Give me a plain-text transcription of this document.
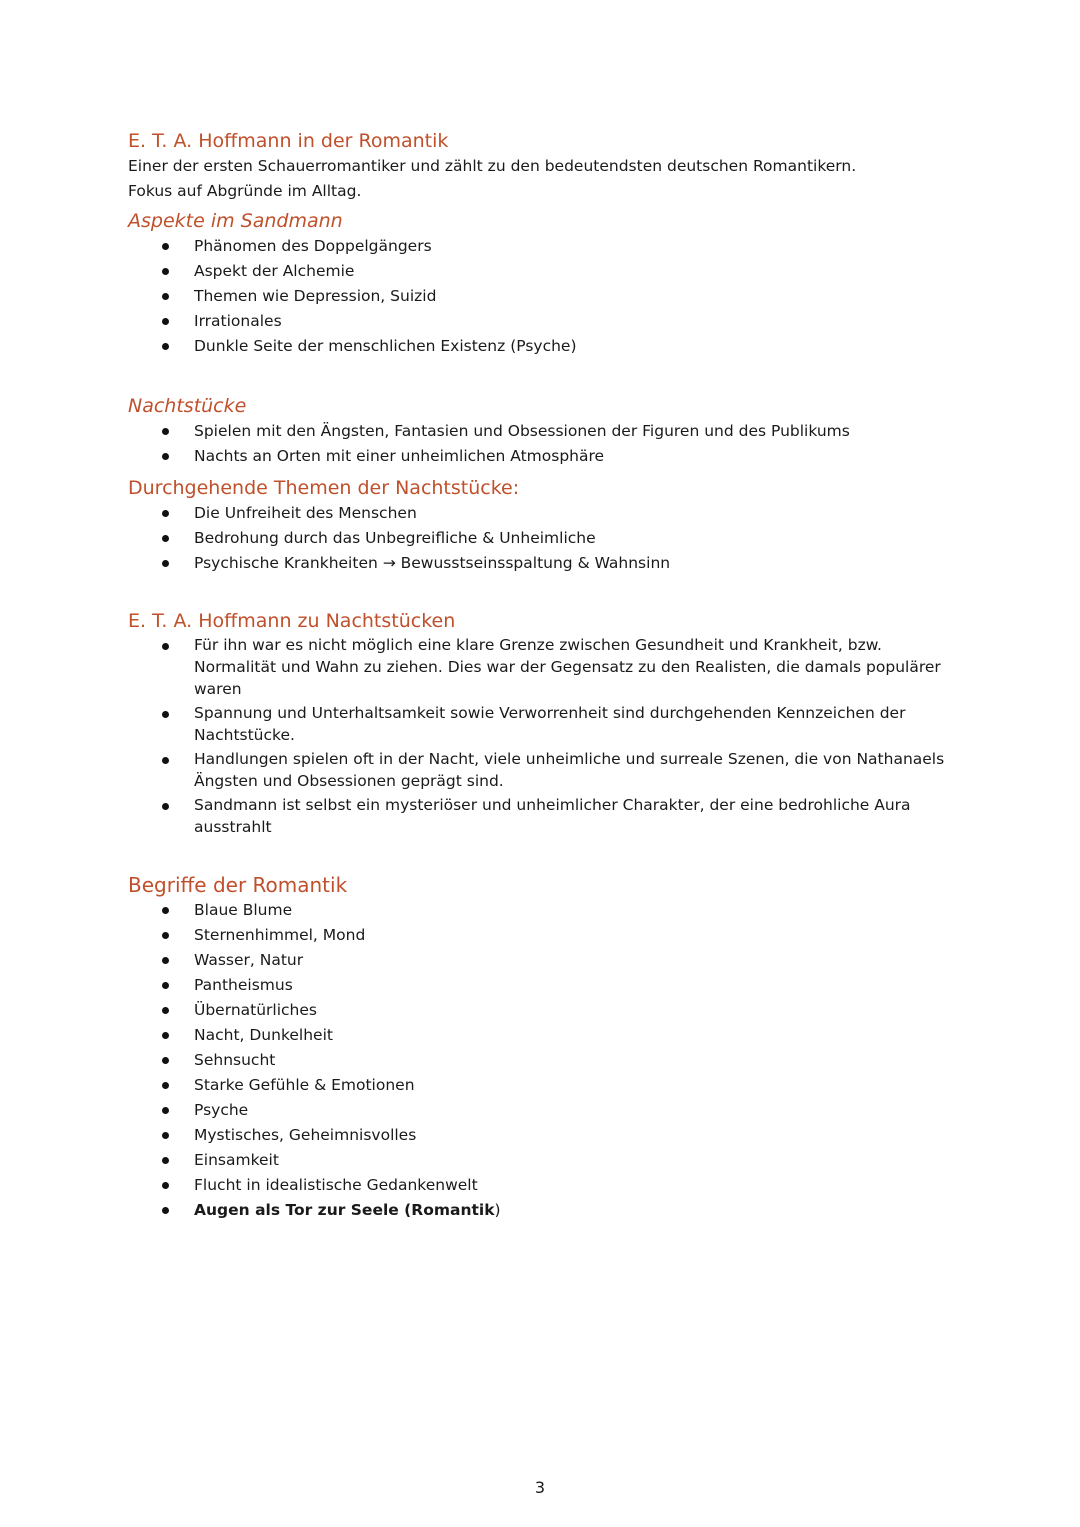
E. T. A. Hoffmann in der Romantik

Einer der ersten Schauerromantiker und zählt zu den bedeutendsten deutschen Romantikern.

Fokus auf Abgründe im Alltag.

Aspekte im Sandmann
Phänomen des Doppelgängers
Aspekt der Alchemie
Themen wie Depression, Suizid
Irrationales
Dunkle Seite der menschlichen Existenz (Psyche)
Nachtstücke
Spielen mit den Ängsten, Fantasien und Obsessionen der Figuren und des Publikums
Nachts an Orten mit einer unheimlichen Atmosphäre
Durchgehende Themen der Nachtstücke:
Die Unfreiheit des Menschen
Bedrohung durch das Unbegreifliche & Unheimliche
Psychische Krankheiten → Bewusstseinsspaltung & Wahnsinn
E. T. A. Hoffmann zu Nachtstücken
Für ihn war es nicht möglich eine klare Grenze zwischen Gesundheit und Krankheit, bzw. Normalität und Wahn zu ziehen. Dies war der Gegensatz zu den Realisten, die damals populärer waren
Spannung und Unterhaltsamkeit sowie Verworrenheit sind durchgehenden Kennzeichen der Nachtstücke.
Handlungen spielen oft in der Nacht, viele unheimliche und surreale Szenen, die von Nathanaels Ängsten und Obsessionen geprägt sind.
Sandmann ist selbst ein mysteriöser und unheimlicher Charakter, der eine bedrohliche Aura ausstrahlt
Begriffe der Romantik
Blaue Blume
Sternenhimmel, Mond
Wasser, Natur
Pantheismus
Übernatürliches
Nacht, Dunkelheit
Sehnsucht
Starke Gefühle & Emotionen
Psyche
Mystisches, Geheimnisvolles
Einsamkeit
Flucht in idealistische Gedankenwelt
Augen als Tor zur Seele (Romantik)
3
